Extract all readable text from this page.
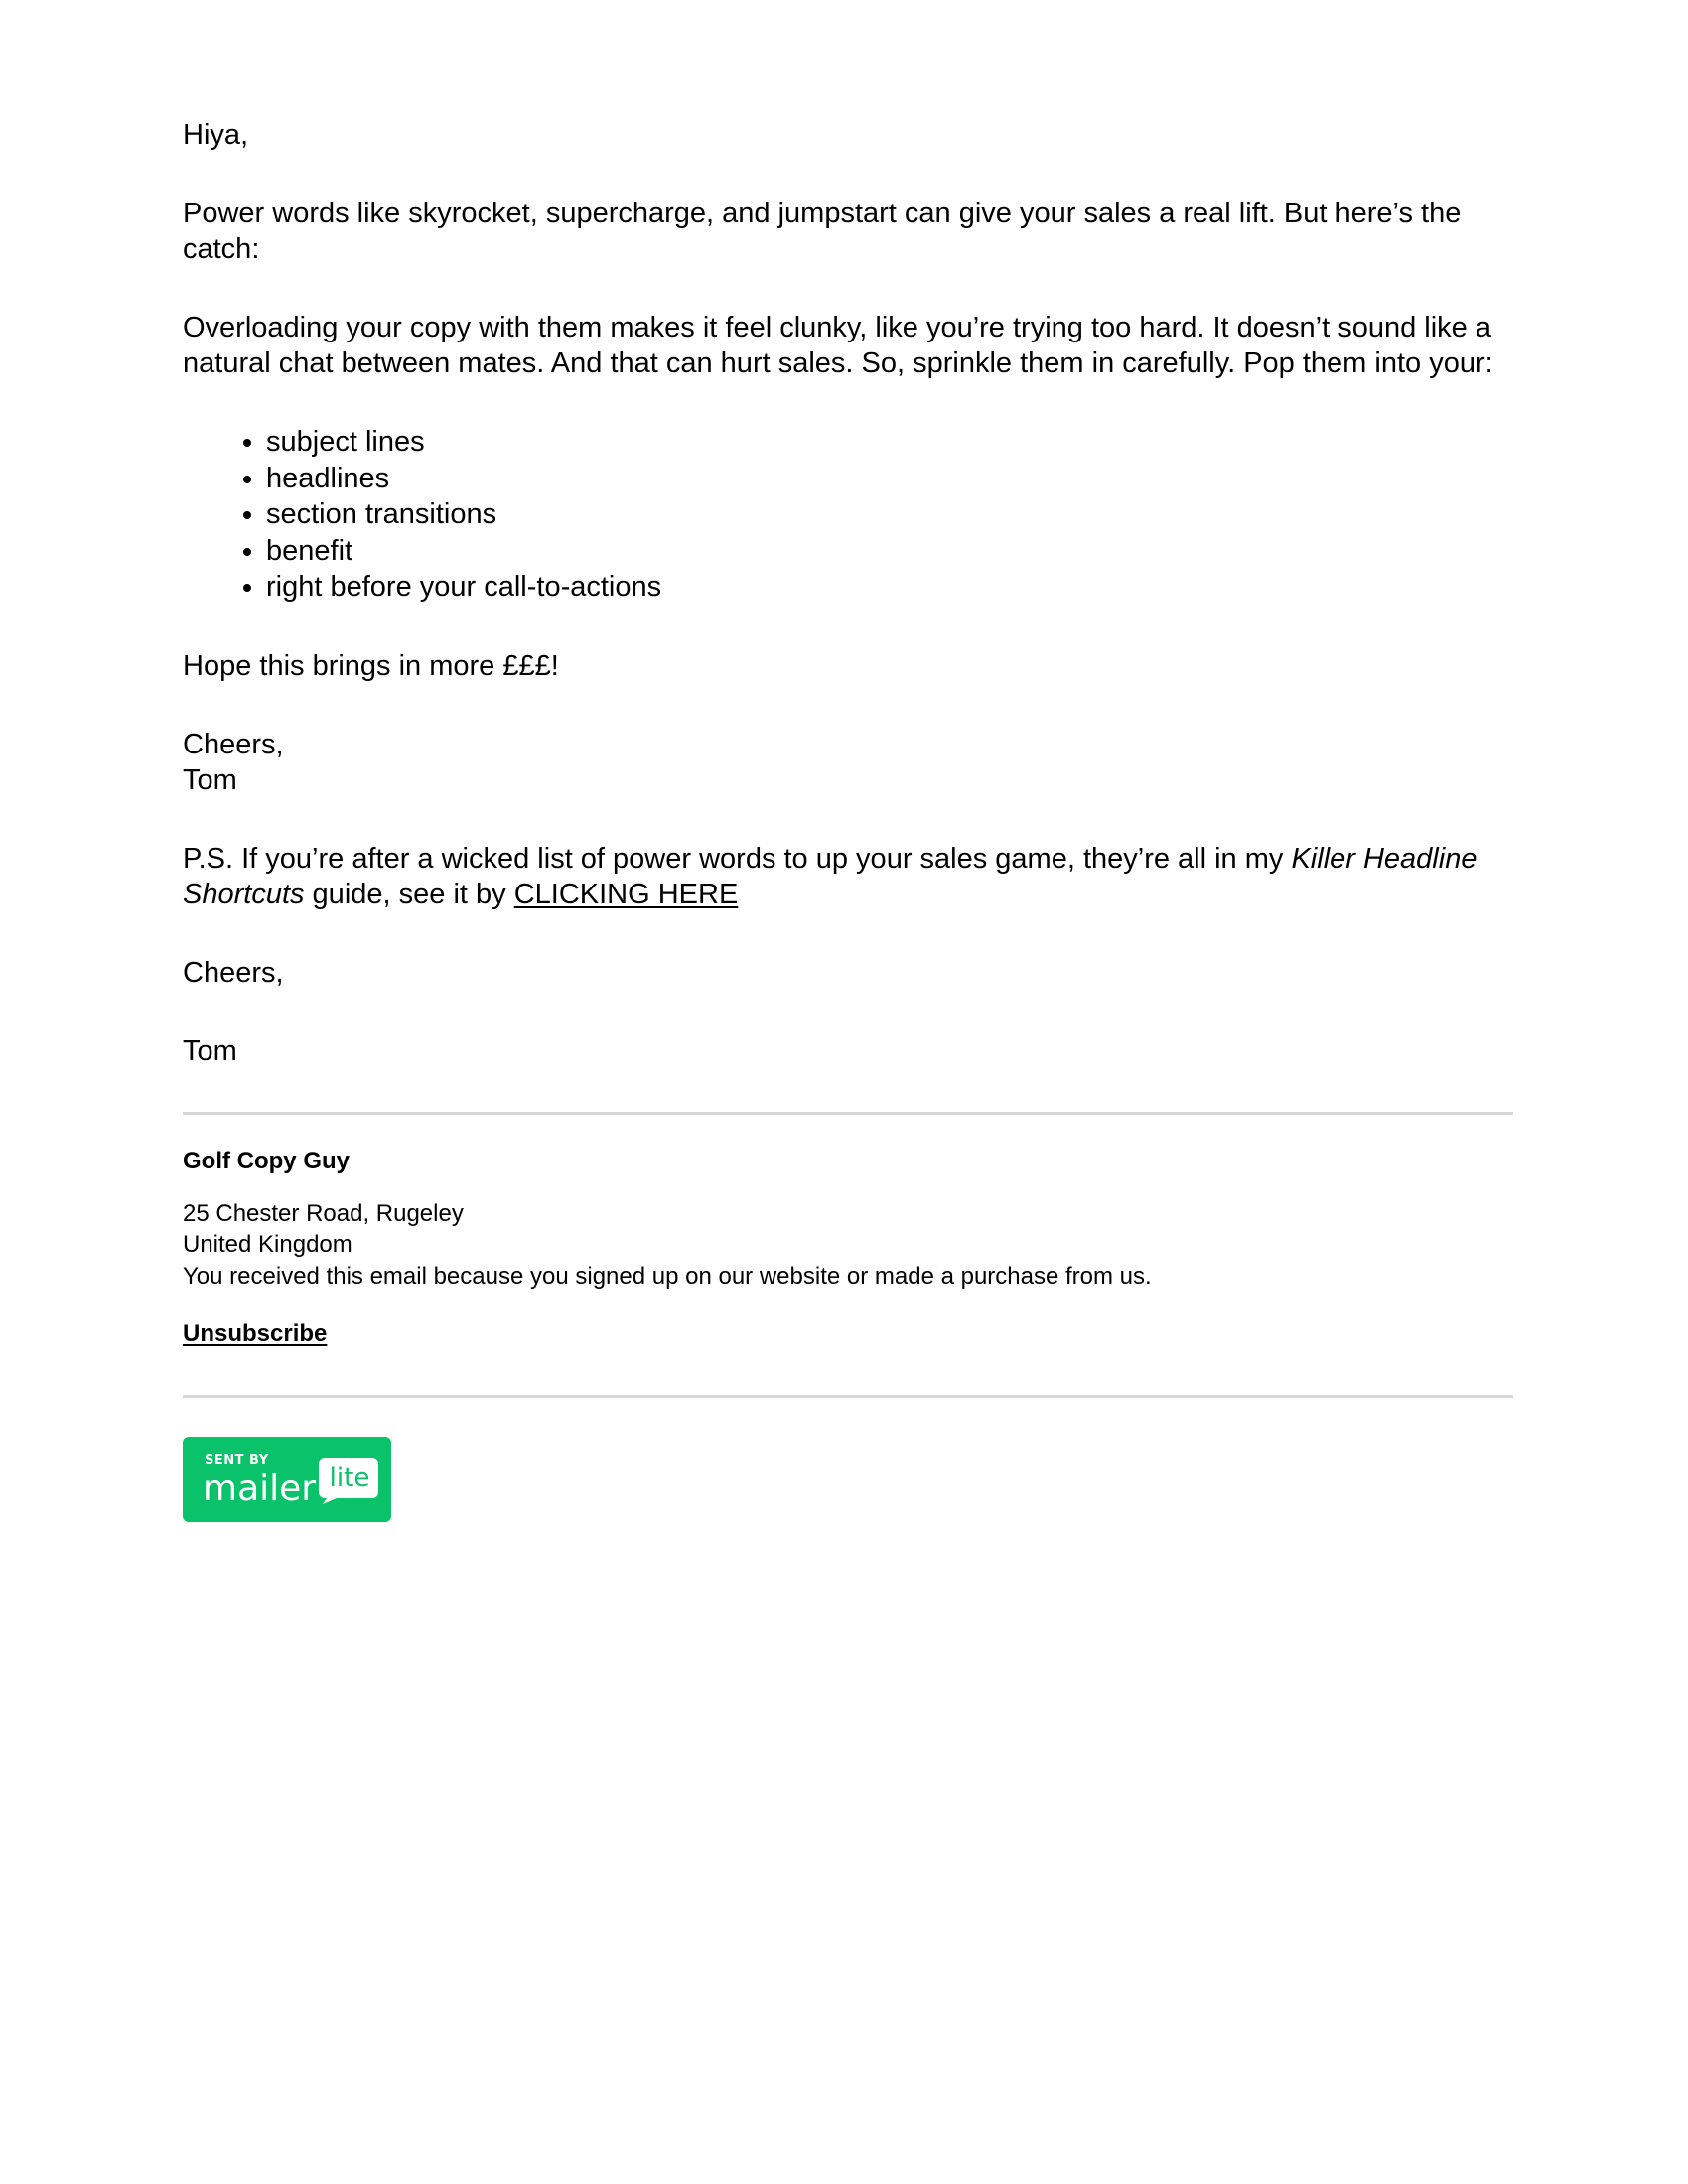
Hiya,

Power words like skyrocket, supercharge, and jumpstart can give your sales a real lift. But here’s the catch:

Overloading your copy with them makes it feel clunky, like you’re trying too hard. It doesn’t sound like a natural chat between mates. And that can hurt sales. So, sprinkle them in carefully. Pop them into your:

• subject lines
• headlines
• section transitions
• benefit
• right before your call-to-actions

Hope this brings in more £££!

Cheers,
Tom

P.S. If you’re after a wicked list of power words to up your sales game, they’re all in my Killer Headline Shortcuts guide, see it by CLICKING HERE

Cheers,

Tom

Golf Copy Guy

25 Chester Road, Rugeley
United Kingdom
You received this email because you signed up on our website or made a purchase from us.

Unsubscribe

SENT BY
mailer lite
